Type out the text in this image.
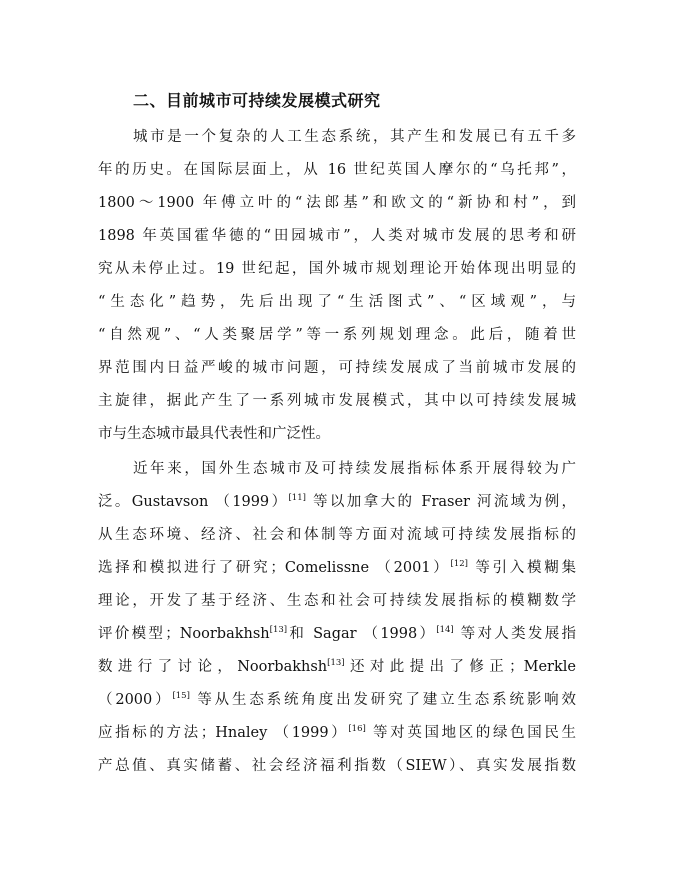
二、目前城市可持续发展模式研究
城市是一个复杂的人工生态系统，其产生和发展已有五千多
年的历史。在国际层面上，从 16 世纪英国人摩尔的“乌托邦”，
1800～1900 年傅立叶的“法郎基”和欧文的“新协和村”，到
1898 年英国霍华德的“田园城市”，人类对城市发展的思考和研
究从未停止过。19 世纪起，国外城市规划理论开始体现出明显的
“生态化”趋势，先后出现了“生活图式”、“区域观”，与
“自然观”、“人类聚居学”等一系列规划理念。此后，随着世
界范围内日益严峻的城市问题，可持续发展成了当前城市发展的
主旋律，据此产生了一系列城市发展模式，其中以可持续发展城
市与生态城市最具代表性和广泛性。
近年来，国外生态城市及可持续发展指标体系开展得较为广
泛。Gustavson （1999）[11] 等以加拿大的 Fraser 河流域为例，
从生态环境、经济、社会和体制等方面对流域可持续发展指标的
选择和模拟进行了研究；Comelissne （2001）[12] 等引入模糊集
理论，开发了基于经济、生态和社会可持续发展指标的模糊数学
评价模型；Noorbakhsh[13]和 Sagar （1998）[14] 等对人类发展指
数进行了讨论，Noorbakhsh[13]还对此提出了修正；Merkle
（2000）[15] 等从生态系统角度出发研究了建立生态系统影响效
应指标的方法；Hnaley （1999）[16] 等对英国地区的绿色国民生
产总值、真实储蓄、社会经济福利指数（SIEW）、真实发展指数
